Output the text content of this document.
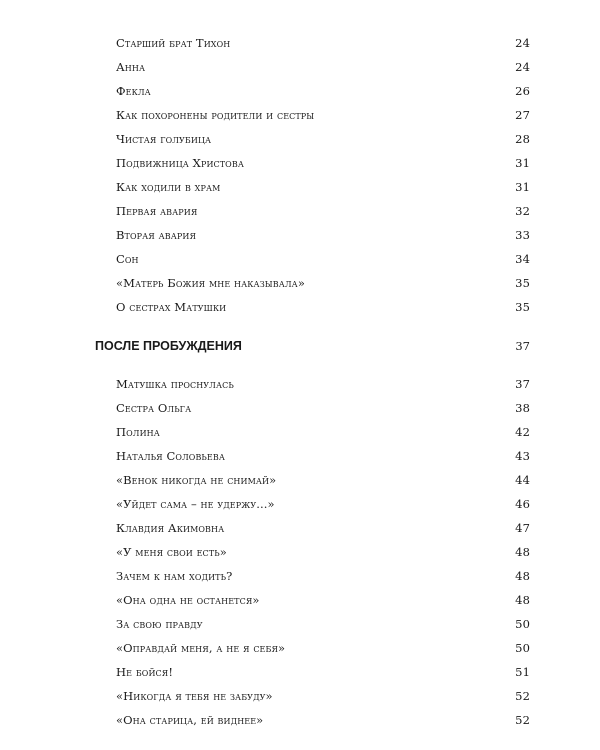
Старший брат Тихон	24
Анна	24
Фекла	26
Как похоронены родители и сестры	27
Чистая голубица	28
Подвижница Христова	31
Как ходили в храм	31
Первая авария	32
Вторая авария	33
Сон	34
«Матерь Божия мне наказывала»	35
О сестрах Матушки	35
ПОСЛЕ ПРОБУЖДЕНИЯ	37
Матушка проснулась	37
Сестра Ольга	38
Полина	42
Наталья Соловьева	43
«Венок никогда не снимай»	44
«Уйдет сама – не удержу...»	46
Клавдия Акимовна	47
«У меня свои есть»	48
Зачем к нам ходить?	48
«Она одна не останется»	48
За свою правду	50
«Оправдай меня, а не я себя»	50
Не бойся!	51
«Никогда я тебя не забуду»	52
«Она старица, ей виднее»	52
